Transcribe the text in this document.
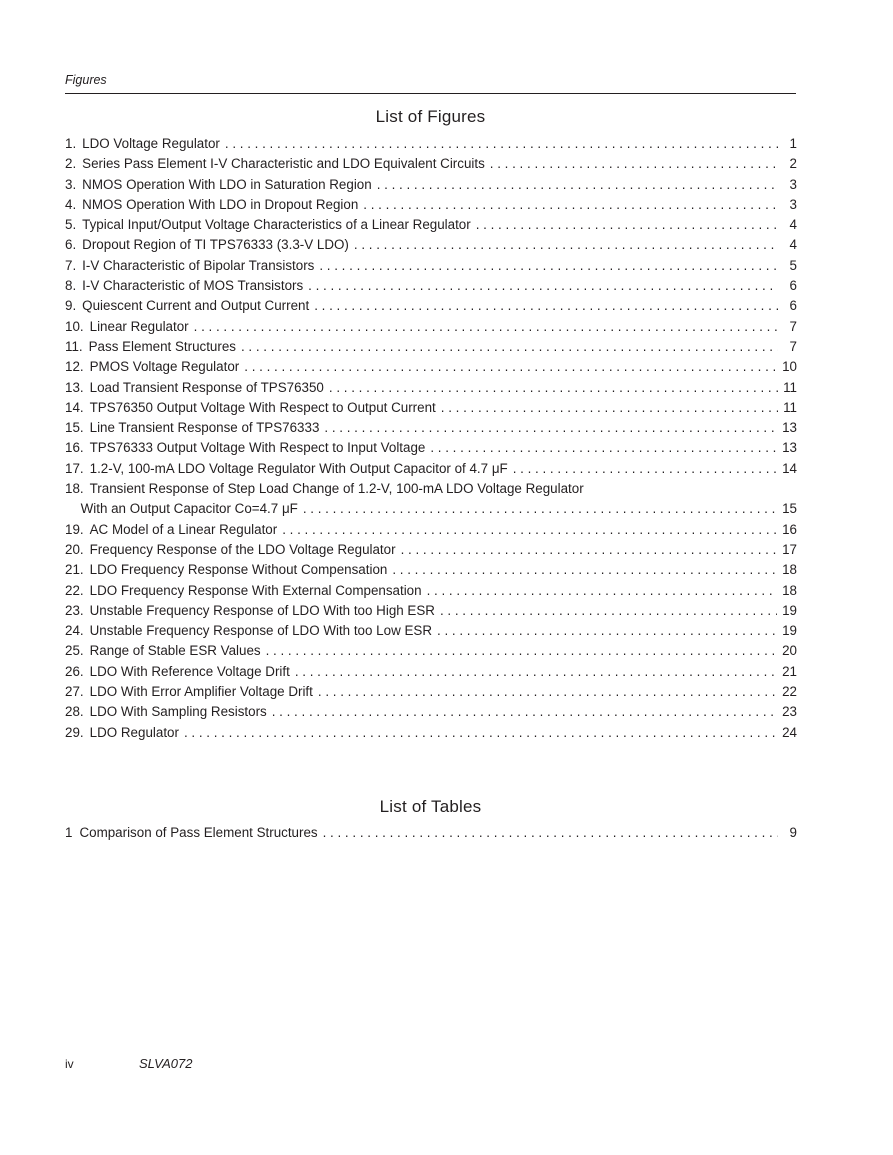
Figures
List of Figures
1. LDO Voltage Regulator . . .	1
2. Series Pass Element I-V Characteristic and LDO Equivalent Circuits . . .	2
3. NMOS Operation With LDO in Saturation Region . . .	3
4. NMOS Operation With LDO in Dropout Region . . .	3
5. Typical Input/Output Voltage Characteristics of a Linear Regulator . . .	4
6. Dropout Region of TI TPS76333 (3.3-V LDO) . . .	4
7. I-V Characteristic of Bipolar Transistors . . .	5
8. I-V Characteristic of MOS Transistors . . .	6
9. Quiescent Current and Output Current . . .	6
10. Linear Regulator . . .	7
11. Pass Element Structures . . .	7
12. PMOS Voltage Regulator . . .	10
13. Load Transient Response of TPS76350 . . .	11
14. TPS76350 Output Voltage With Respect to Output Current . . .	11
15. Line Transient Response of TPS76333 . . .	13
16. TPS76333 Output Voltage With Respect to Input Voltage . . .	13
17. 1.2-V, 100-mA LDO Voltage Regulator With Output Capacitor of 4.7 μF . . .	14
18. Transient Response of Step Load Change of 1.2-V, 100-mA LDO Voltage Regulator
With an Output Capacitor Co=4.7 μF . . .	15
19. AC Model of a Linear Regulator . . .	16
20. Frequency Response of the LDO Voltage Regulator . . .	17
21. LDO Frequency Response Without Compensation . . .	18
22. LDO Frequency Response With External Compensation . . .	18
23. Unstable Frequency Response of LDO With too High ESR . . .	19
24. Unstable Frequency Response of LDO With too Low ESR . . .	19
25. Range of Stable ESR Values . . .	20
26. LDO With Reference Voltage Drift . . .	21
27. LDO With Error Amplifier Voltage Drift . . .	22
28. LDO With Sampling Resistors . . .	23
29. LDO Regulator . . .	24
List of Tables
1 Comparison of Pass Element Structures . . .	9
iv	SLVA072
